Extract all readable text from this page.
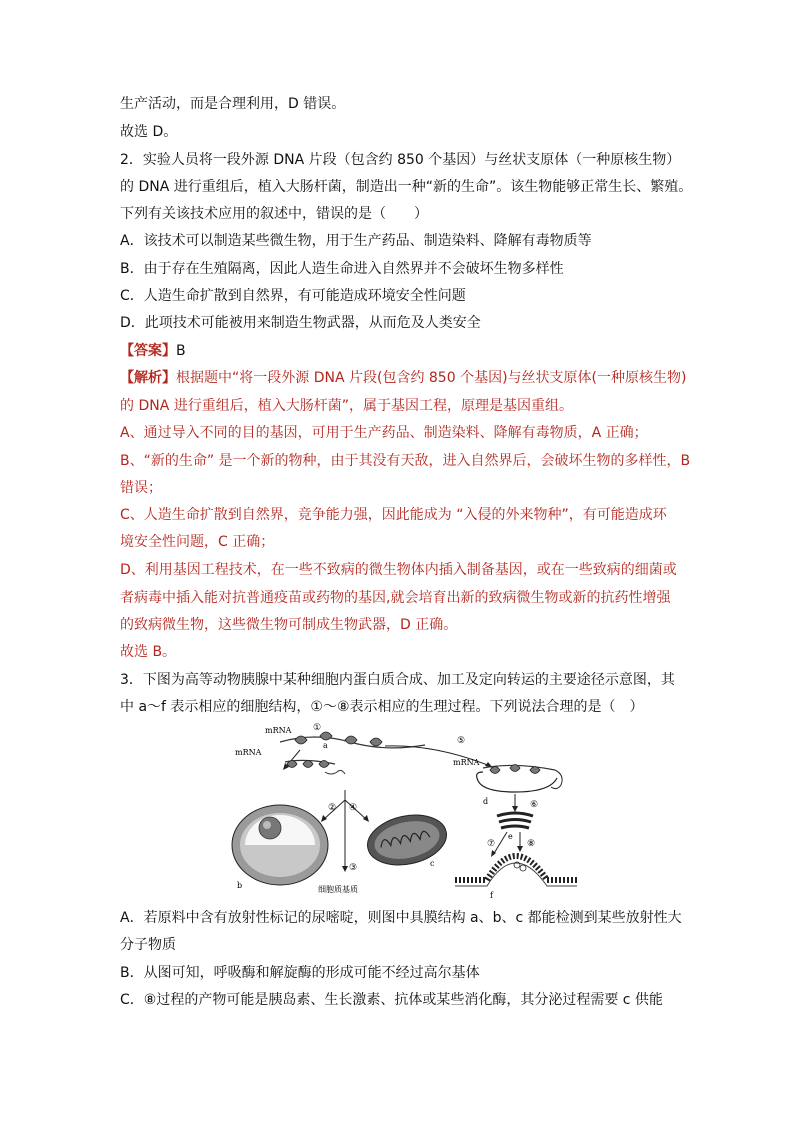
生产活动，而是合理利用，D 错误。
故选 D。
2．实验人员将一段外源 DNA 片段（包含约 850 个基因）与丝状支原体（一种原核生物）
的 DNA 进行重组后，植入大肠杆菌，制造出一种“新的生命”。该生物能够正常生长、繁殖。
下列有关该技术应用的叙述中，错误的是（　　）
A．该技术可以制造某些微生物，用于生产药品、制造染料、降解有毒物质等
B．由于存在生殖隔离，因此人造生命进入自然界并不会破坏生物多样性
C．人造生命扩散到自然界，有可能造成环境安全性问题
D．此项技术可能被用来制造生物武器，从而危及人类安全
【答案】B
【解析】根据题中“将一段外源 DNA 片段(包含约 850 个基因)与丝状支原体(一种原核生物)
的 DNA 进行重组后，植入大肠杆菌”，属于基因工程，原理是基因重组。
A、通过导入不同的目的基因，可用于生产药品、制造染料、降解有毒物质，A 正确；
B、“新的生命” 是一个新的物种，由于其没有天敌，进入自然界后，会破坏生物的多样性，B
错误；
C、人造生命扩散到自然界，竞争能力强，因此能成为 “入侵的外来物种”，有可能造成环
境安全性问题，C 正确；
D、利用基因工程技术，在一些不致病的微生物体内插入制备基因，或在一些致病的细菌或
者病毒中插入能对抗普通疫苗或药物的基因,就会培育出新的致病微生物或新的抗药性增强
的致病微生物，这些微生物可制成生物武器，D 正确。
故选 B。
3．下图为高等动物胰腺中某种细胞内蛋白质合成、加工及定向转运的主要途径示意图，其
中 a～f 表示相应的细胞结构，①～⑧表示相应的生理过程。下列说法合理的是（　）
mRNA
a
①
⑤
mRNA
② ④
③
细胞质基质
b
c
mRNA
d	⑥
e
⑦	⑧
f
A．若原料中含有放射性标记的尿嘧啶，则图中具膜结构 a、b、c 都能检测到某些放射性大
分子物质
B．从图可知，呼吸酶和解旋酶的形成可能不经过高尔基体
C．⑧过程的产物可能是胰岛素、生长激素、抗体或某些消化酶，其分泌过程需要 c 供能
